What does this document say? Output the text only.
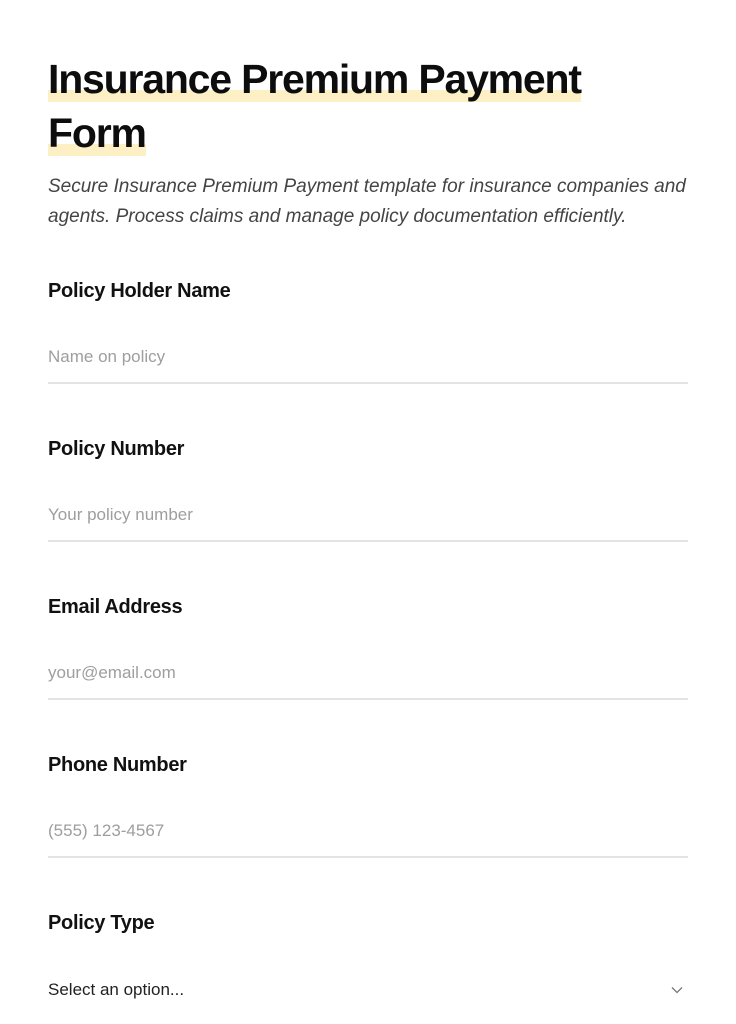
Insurance Premium Payment Form

Secure Insurance Premium Payment template for insurance companies and agents. Process claims and manage policy documentation efficiently.

Policy Holder Name
Name on policy
Policy Number
Your policy number
Email Address
your@email.com
Phone Number
(555) 123-4567
Policy Type
Select an option...
